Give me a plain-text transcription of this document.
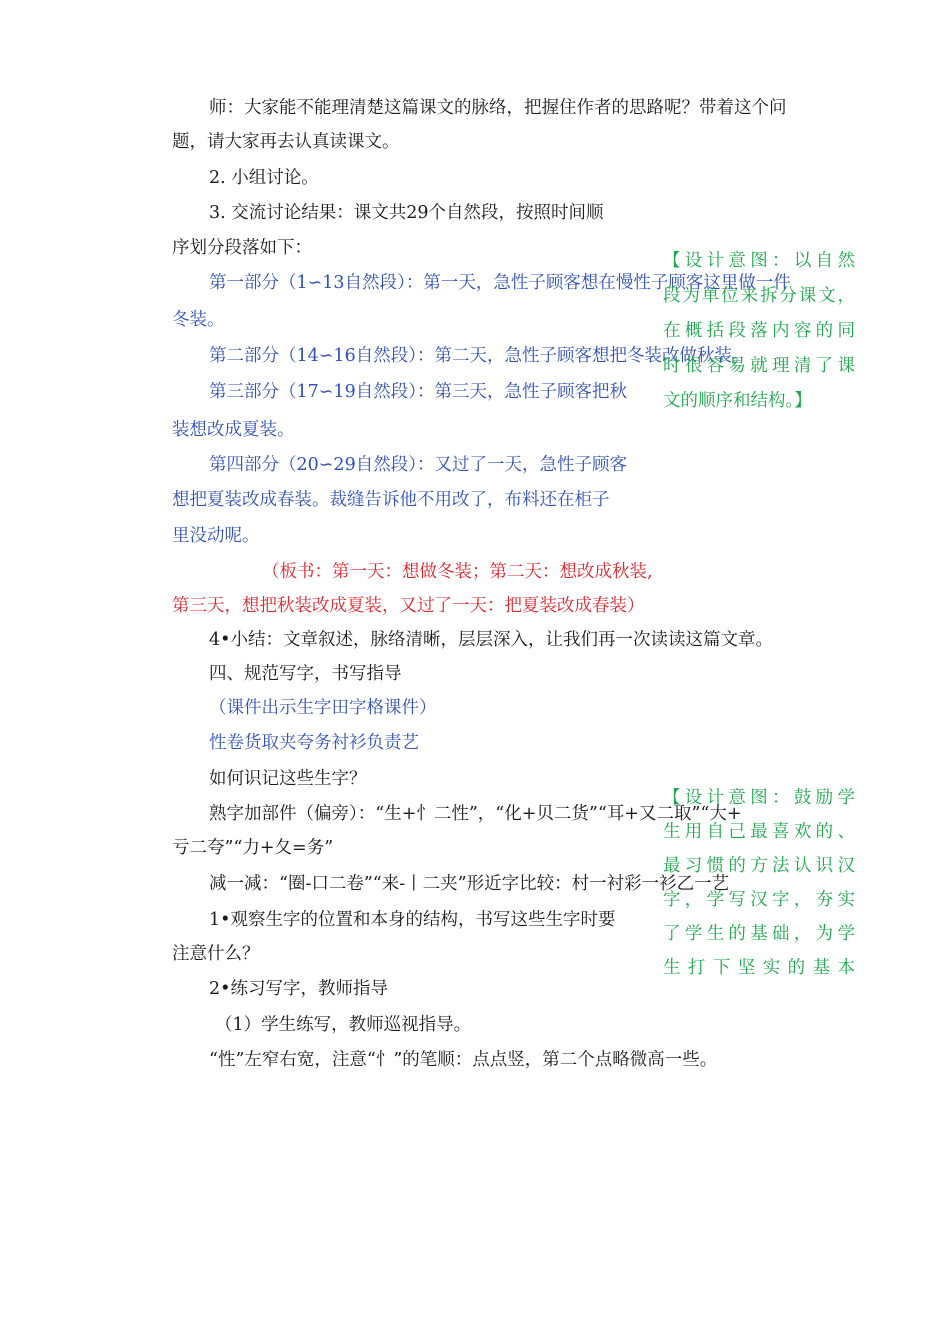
师：大家能不能理清楚这篇课文的脉络，把握住作者的思路呢？带着这个问
题，请大家再去认真读课文。
2. 小组讨论。
3. 交流讨论结果：课文共29个自然段，按照时间顺
序划分段落如下：
第一部分（1∽13自然段）：第一天，急性子顾客想在慢性子顾客这里做一件
冬装。
第二部分（14∽16自然段）：第二天，急性子顾客想把冬装改做秋装。
第三部分（17∽19自然段）：第三天，急性子顾客把秋
装想改成夏装。
第四部分（20∽29自然段）：又过了一天，急性子顾客
想把夏装改成春装。裁缝告诉他不用改了，布料还在柜子
里没动呢。
（板书：第一天：想做冬装；第二天：想改成秋装,
第三天，想把秋装改成夏装，又过了一天：把夏装改成春装）
4•小结：文章叙述，脉络清晰，层层深入，让我们再一次读读这篇文章。
四、规范写字，书写指导
（课件出示生字田字格课件）
性卷货取夹夸务衬衫负责艺
如何识记这些生字？
熟字加部件（偏旁）：“生+忄二性”，“化+贝二货”“耳+又二取”“大+
亏二夸”“力+夂=务”
减一减：“圈-口二卷”“来-丨二夹”形近字比较：村一衬彩一衫乙一艺
1•观察生字的位置和本身的结构，书写这些生字时要
注意什么？
2•练习写字，教师指导
（1）学生练写，教师巡视指导。
“性”左窄右宽，注意“忄”的笔顺：点点竖，第二个点略微高一些。
【设计意图：以自然
段为单位来拆分课文，
在概括段落内容的同
时很容易就理清了课
文的顺序和结构。】
【设计意图：鼓励学
生用自己最喜欢的、
最习惯的方法认识汉
字，学写汉字，夯实
了学生的基础，为学
生打下坚实的基本
